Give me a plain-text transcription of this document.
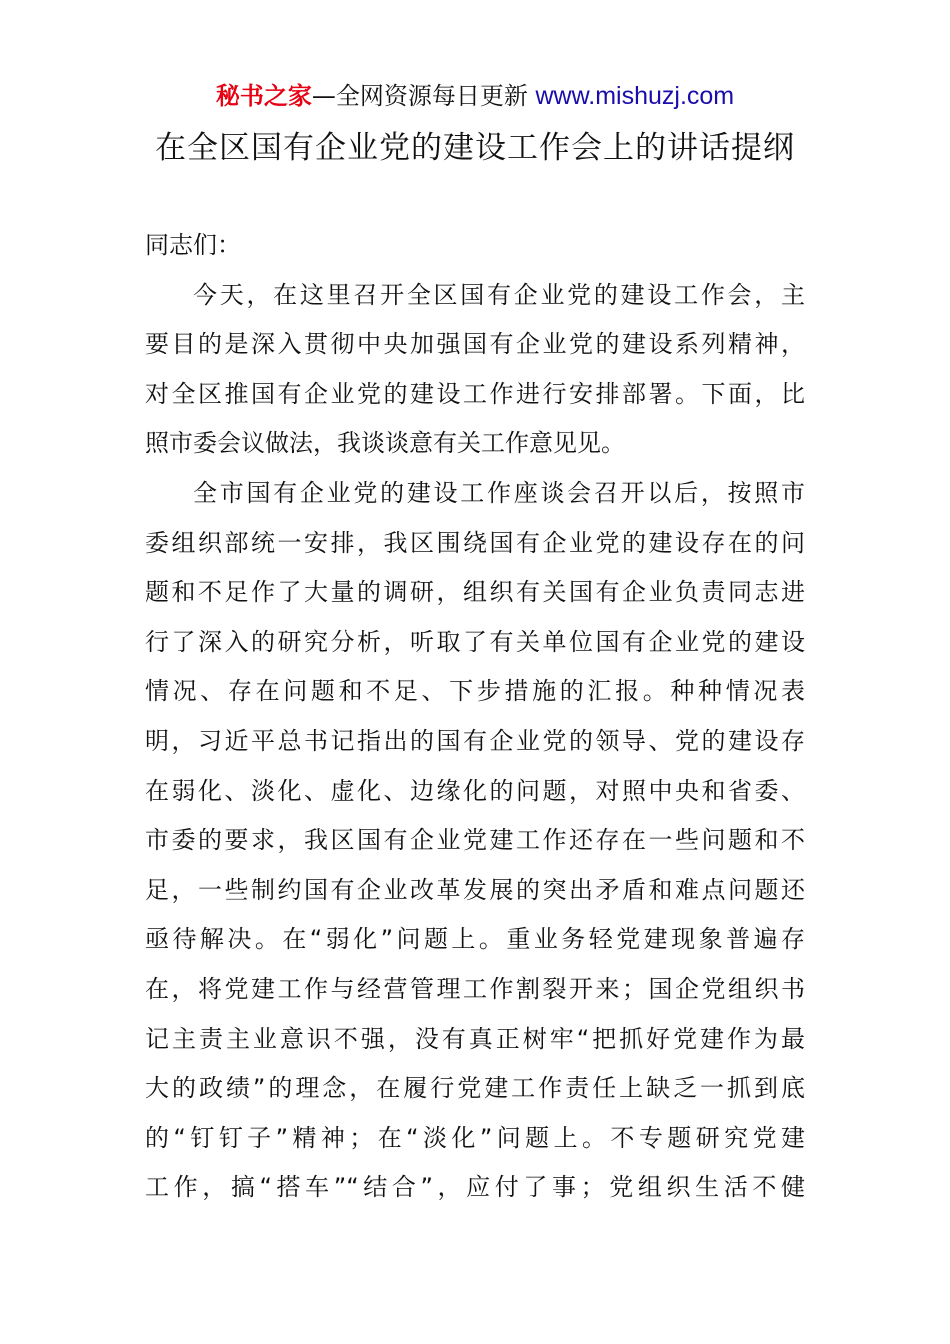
秘书之家—全网资源每日更新 www.mishuzj.com
在全区国有企业党的建设工作会上的讲话提纲
同志们：
今天，在这里召开全区国有企业党的建设工作会，主
要目的是深入贯彻中央加强国有企业党的建设系列精神，
对全区推国有企业党的建设工作进行安排部署。下面，比
照市委会议做法，我谈谈意有关工作意见见。
全市国有企业党的建设工作座谈会召开以后，按照市
委组织部统一安排，我区围绕国有企业党的建设存在的问
题和不足作了大量的调研，组织有关国有企业负责同志进
行了深入的研究分析，听取了有关单位国有企业党的建设
情况、存在问题和不足、下步措施的汇报。种种情况表
明，习近平总书记指出的国有企业党的领导、党的建设存
在弱化、淡化、虚化、边缘化的问题，对照中央和省委、
市委的要求，我区国有企业党建工作还存在一些问题和不
足，一些制约国有企业改革发展的突出矛盾和难点问题还
亟待解决。在“弱化”问题上。重业务轻党建现象普遍存
在，将党建工作与经营管理工作割裂开来；国企党组织书
记主责主业意识不强，没有真正树牢“把抓好党建作为最
大的政绩”的理念，在履行党建工作责任上缺乏一抓到底
的“钉钉子”精神；在“淡化”问题上。不专题研究党建
工作，搞“搭车”“结合”，应付了事；党组织生活不健
